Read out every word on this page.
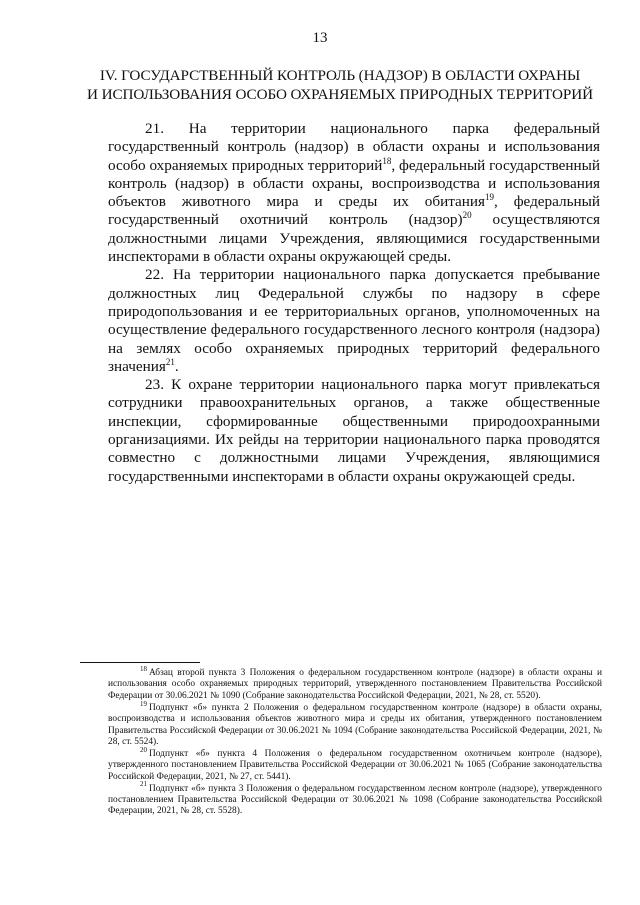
13
IV. ГОСУДАРСТВЕННЫЙ КОНТРОЛЬ (НАДЗОР) В ОБЛАСТИ ОХРАНЫ
И ИСПОЛЬЗОВАНИЯ ОСОБО ОХРАНЯЕМЫХ ПРИРОДНЫХ ТЕРРИТОРИЙ

21. На территории национального парка федеральный государственный контроль (надзор) в области охраны и использования особо охраняемых природных территорий$^{18}$, федеральный государственный контроль (надзор) в области охраны, воспроизводства и использования объектов животного мира и среды их обитания$^{19}$, федеральный государственный охотничий контроль (надзор)$^{20}$ осуществляются должностными лицами Учреждения, являющимися государственными инспекторами в области охраны окружающей среды.

22. На территории национального парка допускается пребывание должностных лиц Федеральной службы по надзору в сфере природопользования и ее территориальных органов, уполномоченных на осуществление федерального государственного лесного контроля (надзора) на землях особо охраняемых природных территорий федерального значения$^{21}$.

23. К охране территории национального парка могут привлекаться сотрудники правоохранительных органов, а также общественные инспекции, сформированные общественными природоохранными организациями. Их рейды на территории национального парка проводятся совместно с должностными лицами Учреждения, являющимися государственными инспекторами в области охраны окружающей среды.

$^{18}$ Абзац второй пункта 3 Положения о федеральном государственном контроле (надзоре) в области охраны и использования особо охраняемых природных территорий, утвержденного постановлением Правительства Российской Федерации от 30.06.2021 № 1090 (Собрание законодательства Российской Федерации, 2021, № 28, ст. 5520).

$^{19}$ Подпункт «б» пункта 2 Положения о федеральном государственном контроле (надзоре) в области охраны, воспроизводства и использования объектов животного мира и среды их обитания, утвержденного постановлением Правительства Российской Федерации от 30.06.2021 № 1094 (Собрание законодательства Российской Федерации, 2021, № 28, ст. 5524).

$^{20}$ Подпункт «б» пункта 4 Положения о федеральном государственном охотничьем контроле (надзоре), утвержденного постановлением Правительства Российской Федерации от 30.06.2021 № 1065 (Собрание законодательства Российской Федерации, 2021, № 27, ст. 5441).

$^{21}$ Подпункт «б» пункта 3 Положения о федеральном государственном лесном контроле (надзоре), утвержденного постановлением Правительства Российской Федерации от 30.06.2021 № 1098 (Собрание законодательства Российской Федерации, 2021, № 28, ст. 5528).
